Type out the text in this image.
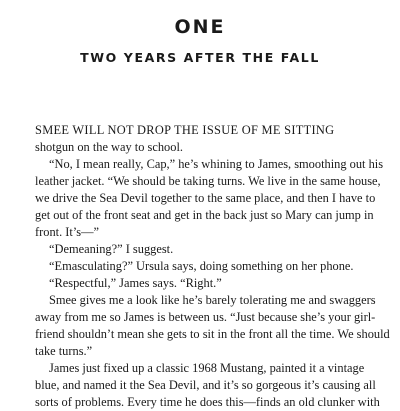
ONE
TWO YEARS AFTER THE FALL

SMEE WILL NOT DROP THE ISSUE OF ME SITTING
shotgun on the way to school.

“No, I mean really, Cap,” he’s whining to James, smoothing out his
leather jacket. “We should be taking turns. We live in the same house,
we drive the Sea Devil together to the same place, and then I have to
get out of the front seat and get in the back just so Mary can jump in
front. It’s—”

“Demeaning?” I suggest.

“Emasculating?” Ursula says, doing something on her phone.

“Respectful,” James says. “Right.”

Smee gives me a look like he’s barely tolerating me and swaggers
away from me so James is between us. “Just because she’s your girl-
friend shouldn’t mean she gets to sit in the front all the time. We should
take turns.”

James just fixed up a classic 1968 Mustang, painted it a vintage
blue, and named it the Sea Devil, and it’s so gorgeous it’s causing all
sorts of problems. Every time he does this—finds an old clunker with
